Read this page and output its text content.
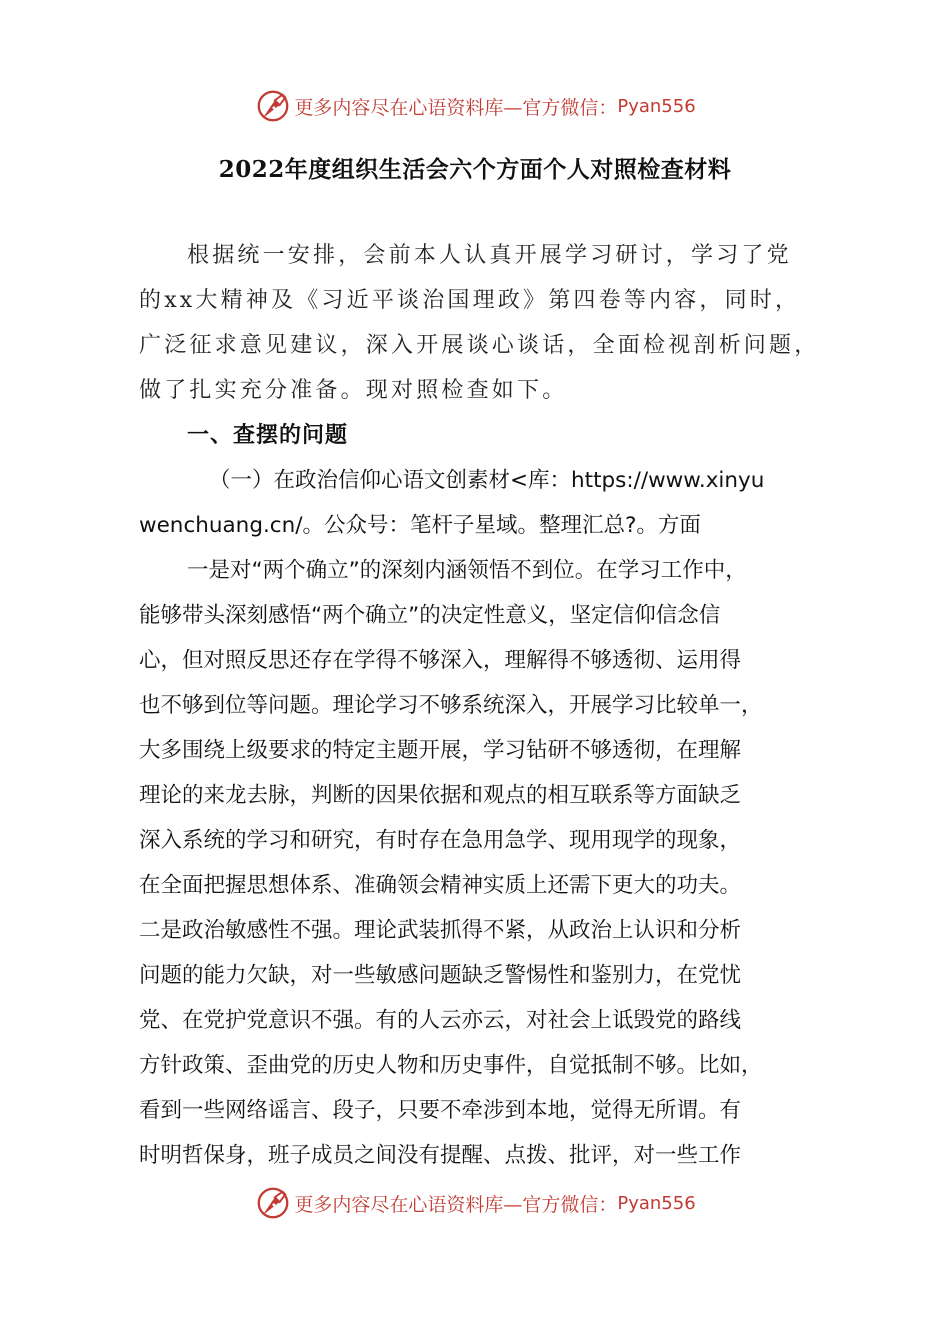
更多内容尽在心语资料库—官方微信： Pyan556
2022年度组织生活会六个方面个人对照检查材料
根据统一安排，会前本人认真开展学习研讨，学习了党
的xx大精神及《习近平谈治国理政》第四卷等内容，同时，
广泛征求意见建议，深入开展谈心谈话，全面检视剖析问题，
做了扎实充分准备。现对照检查如下。
一、查摆的问题
（一）在政治信仰心语文创素材<库：https://www.xinyu
wenchuang.cn/。公众号：笔杆子星域。整理汇总?。方面
一是对“两个确立”的深刻内涵领悟不到位。在学习工作中，
能够带头深刻感悟“两个确立”的决定性意义，坚定信仰信念信
心，但对照反思还存在学得不够深入，理解得不够透彻、运用得
也不够到位等问题。理论学习不够系统深入，开展学习比较单一，
大多围绕上级要求的特定主题开展，学习钻研不够透彻，在理解
理论的来龙去脉，判断的因果依据和观点的相互联系等方面缺乏
深入系统的学习和研究，有时存在急用急学、现用现学的现象，
在全面把握思想体系、准确领会精神实质上还需下更大的功夫。
二是政治敏感性不强。理论武装抓得不紧，从政治上认识和分析
问题的能力欠缺，对一些敏感问题缺乏警惕性和鉴别力，在党忧
党、在党护党意识不强。有的人云亦云，对社会上诋毁党的路线
方针政策、歪曲党的历史人物和历史事件，自觉抵制不够。比如，
看到一些网络谣言、段子，只要不牵涉到本地，觉得无所谓。有
时明哲保身，班子成员之间没有提醒、点拨、批评，对一些工作
更多内容尽在心语资料库—官方微信： Pyan556
